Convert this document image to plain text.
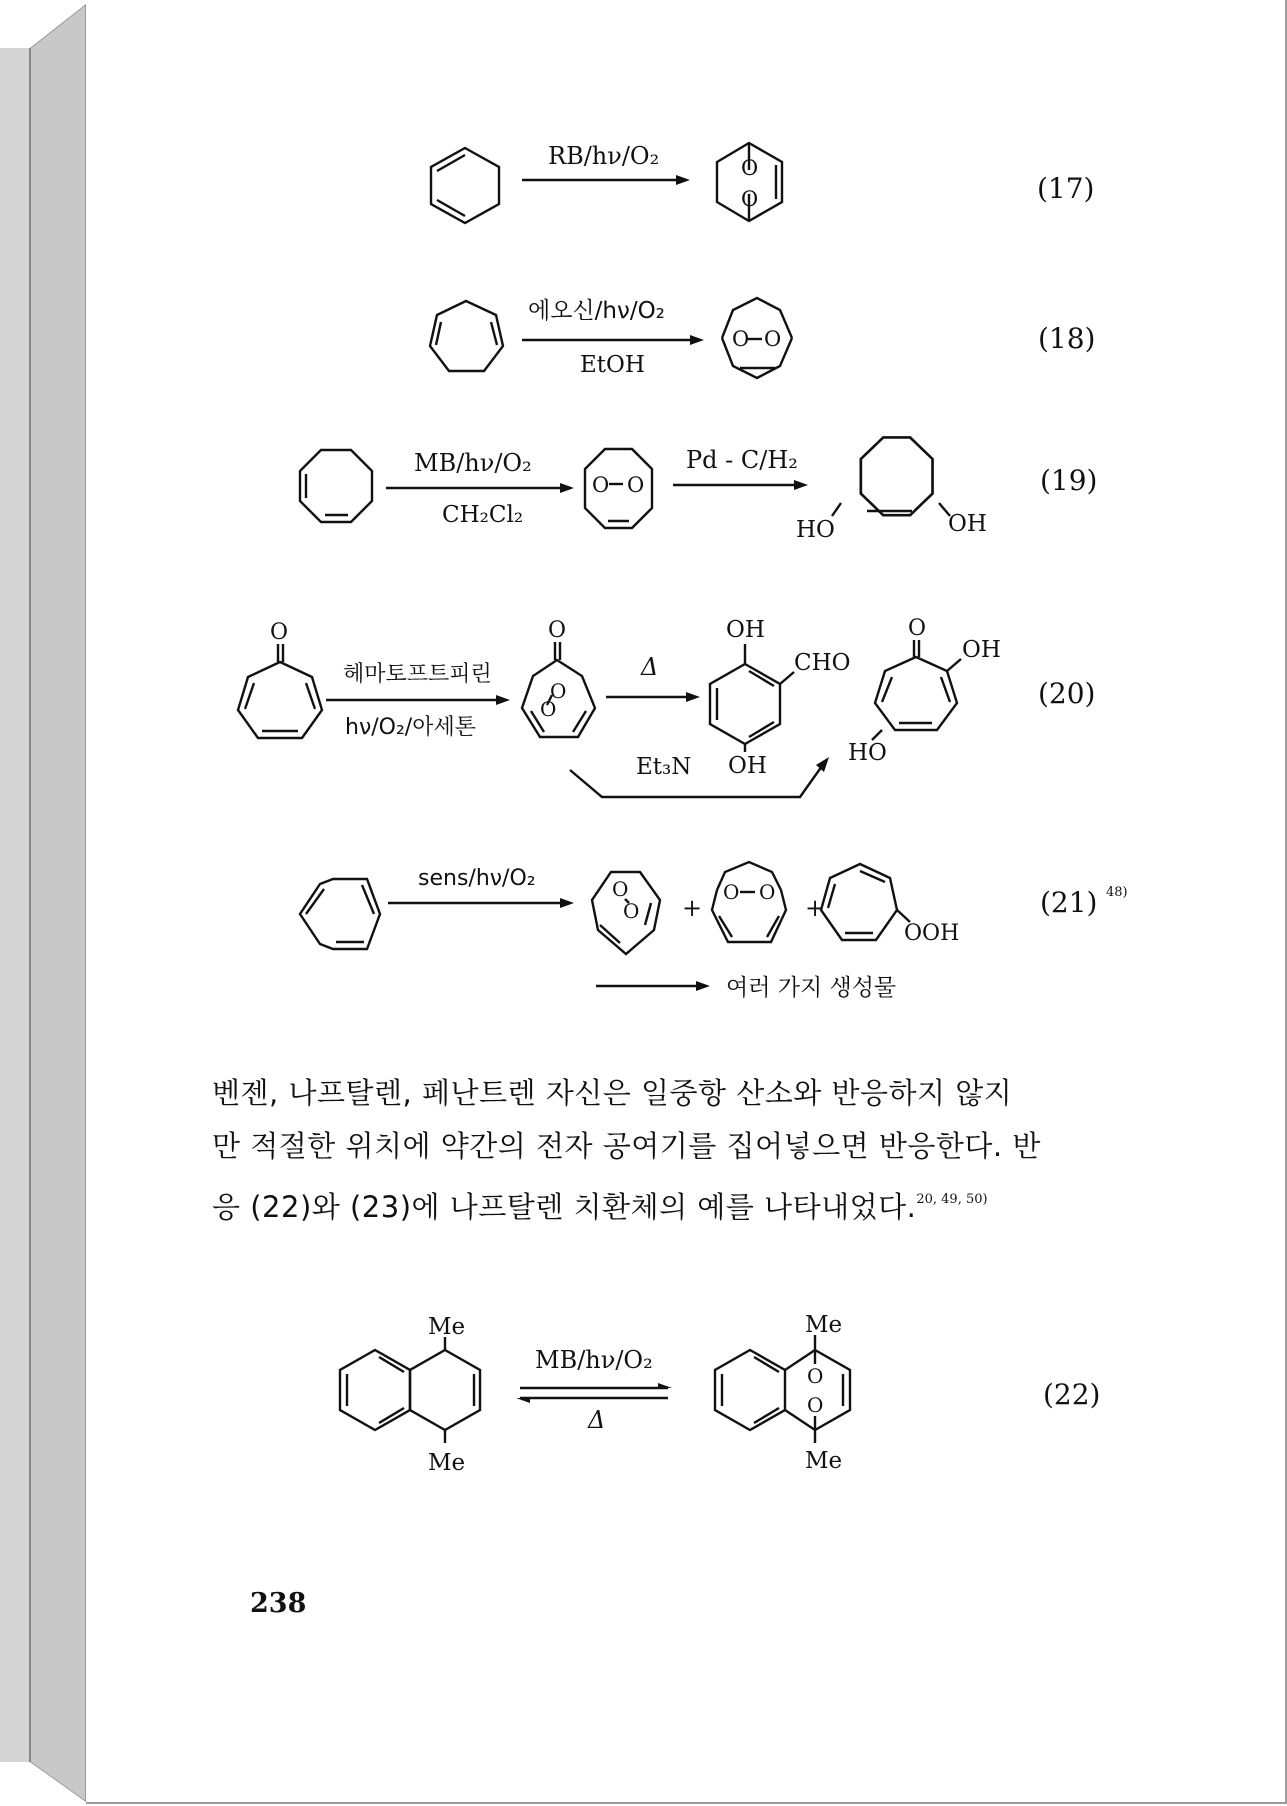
RB/hν/O₂	O
O	(17)
에오신/hν/O₂
EtOH
O O	(18)
MB/hν/O₂
CH₂Cl₂
O O
Pd - C/H₂
HO	OH
(19)
O
헤마토프트피린
hν/O₂/아세톤
O
O
O
Δ
OH
CHO
OH
Et₃N
O
OH
HO
(20)
sens/hν/O₂	O
O +
O O
+
OOH
(21) 48)
여러 가지 생성물
Me
Me
MB/hν/O₂
Δ
O
O
Me
Me
(22)
벤젠, 나프탈렌, 페난트렌 자신은 일중항 산소와 반응하지 않지
만 적절한 위치에 약간의 전자 공여기를 집어넣으면 반응한다. 반
응 (22)와 (23)에 나프탈렌 치환체의 예를 나타내었다.$^{20, 49, 50)}$
238
